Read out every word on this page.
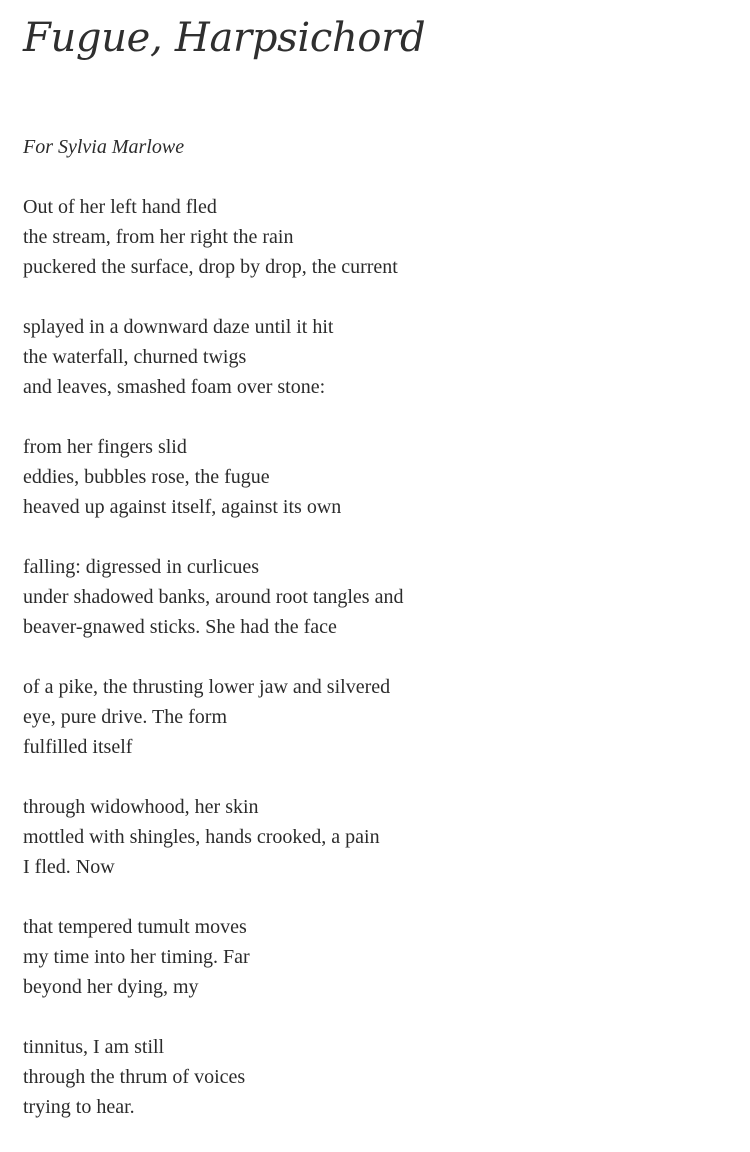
Fugue, Harpsichord

For Sylvia Marlowe

Out of her left hand fled
the stream, from her right the rain
puckered the surface, drop by drop, the current
splayed in a downward daze until it hit
the waterfall, churned twigs
and leaves, smashed foam over stone:
from her fingers slid
eddies, bubbles rose, the fugue
heaved up against itself, against its own
falling: digressed in curlicues
under shadowed banks, around root tangles and
beaver-gnawed sticks. She had the face
of a pike, the thrusting lower jaw and silvered
eye, pure drive. The form
fulfilled itself
through widowhood, her skin
mottled with shingles, hands crooked, a pain
I fled. Now
that tempered tumult moves
my time into her timing. Far
beyond her dying, my
tinnitus, I am still
through the thrum of voices
trying to hear.
